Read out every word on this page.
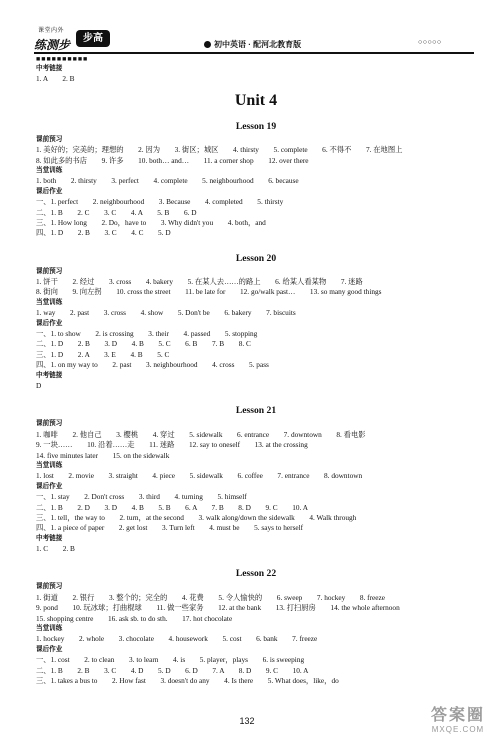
课堂内外
练测步	步高
初中英语 · 配河北教育版	○○○○○
■■■■■■■■■■
中考链接
1. A　　2. B
Unit 4
Lesson 19
课前预习
1. 美好的；完美的；理想的　　2. 因为　　3. 街区；城区　　4. thirsty　　5. complete　　6. 不得不　　7. 在地图上
8. 如此多的书店　　9. 许多　　10. both… and…　　11. a corner shop　　12. over there
当堂训练
1. both　　2. thirsty　　3. perfect　　4. complete　　5. neighbourhood　　6. because
课后作业
一、1. perfect　　2. neighbourhood　　3. Because　　4. completed　　5. thirsty
二、1. B　　2. C　　3. C　　4. A　　5. B　　6. D
三、1. How long　　2. Do，have to　　3. Why didn't you　　4. both，and
四、1. D　　2. B　　3. C　　4. C　　5. D
Lesson 20
课前预习
1. 饼干　　2. 经过　　3. cross　　4. bakery　　5. 在某人去……的路上　　6. 给某人看某物　　7. 迷路
8. 街向　　9. 向左拐　　10. cross the street　　11. be late for　　12. go/walk past…　　13. so many good things
当堂训练
1. way　　2. past　　3. cross　　4. show　　5. Don't be　　6. bakery　　7. biscuits
课后作业
一、1. to show　　2. is crossing　　3. their　　4. passed　　5. stopping
二、1. D　　2. B　　3. D　　4. B　　5. C　　6. B　　7. B　　8. C
三、1. D　　2. A　　3. E　　4. B　　5. C
四、1. on my way to　　2. past　　3. neighbourhood　　4. cross　　5. pass
中考链接
D
Lesson 21
课前预习
1. 咖啡　　2. 他自己　　3. 樱桃　　4. 穿过　　5. sidewalk　　6. entrance　　7. downtown　　8. 看电影
9. 一块……　　10. 沿着……走　　11. 迷路　　12. say to oneself　　13. at the crossing
14. five minutes later　　15. on the sidewalk
当堂训练
1. lost　　2. movie　　3. straight　　4. piece　　5. sidewalk　　6. coffee　　7. entrance　　8. downtown
课后作业
一、1. stay　　2. Don't cross　　3. third　　4. turning　　5. himself
二、1. B　　2. D　　3. D　　4. B　　5. B　　6. A　　7. B　　8. D　　9. C　　10. A
三、1. tell，the way to　　2. turn，at the second　　3. walk along/down the sidewalk　　4. Walk through
四、1. a piece of paper　　2. get lost　　3. Turn left　　4. must be　　5. says to herself
中考链接
1. C　　2. B
Lesson 22
课前预习
1. 街道　　2. 银行　　3. 整个的；完全的　　4. 花费　　5. 令人愉快的　　6. sweep　　7. hockey　　8. freeze
9. pond　　10. 玩冰球；打曲棍球　　11. 做一些家务　　12. at the bank　　13. 打扫厨房　　14. the whole afternoon
15. shopping centre　　16. ask sb. to do sth.　　17. hot chocolate
当堂训练
1. hockey　　2. whole　　3. chocolate　　4. housework　　5. cost　　6. bank　　7. freeze
课后作业
一、1. cost　　2. to clean　　3. to learn　　4. is　　5. player，plays　　6. is sweeping
二、1. B　　2. B　　3. C　　4. D　　5. D　　6. D　　7. A　　8. D　　9. C　　10. A
三、1. takes a bus to　　2. How fast　　3. doesn't do any　　4. Is there　　5. What does，like，do
132	答案圈
MXQE.COM
